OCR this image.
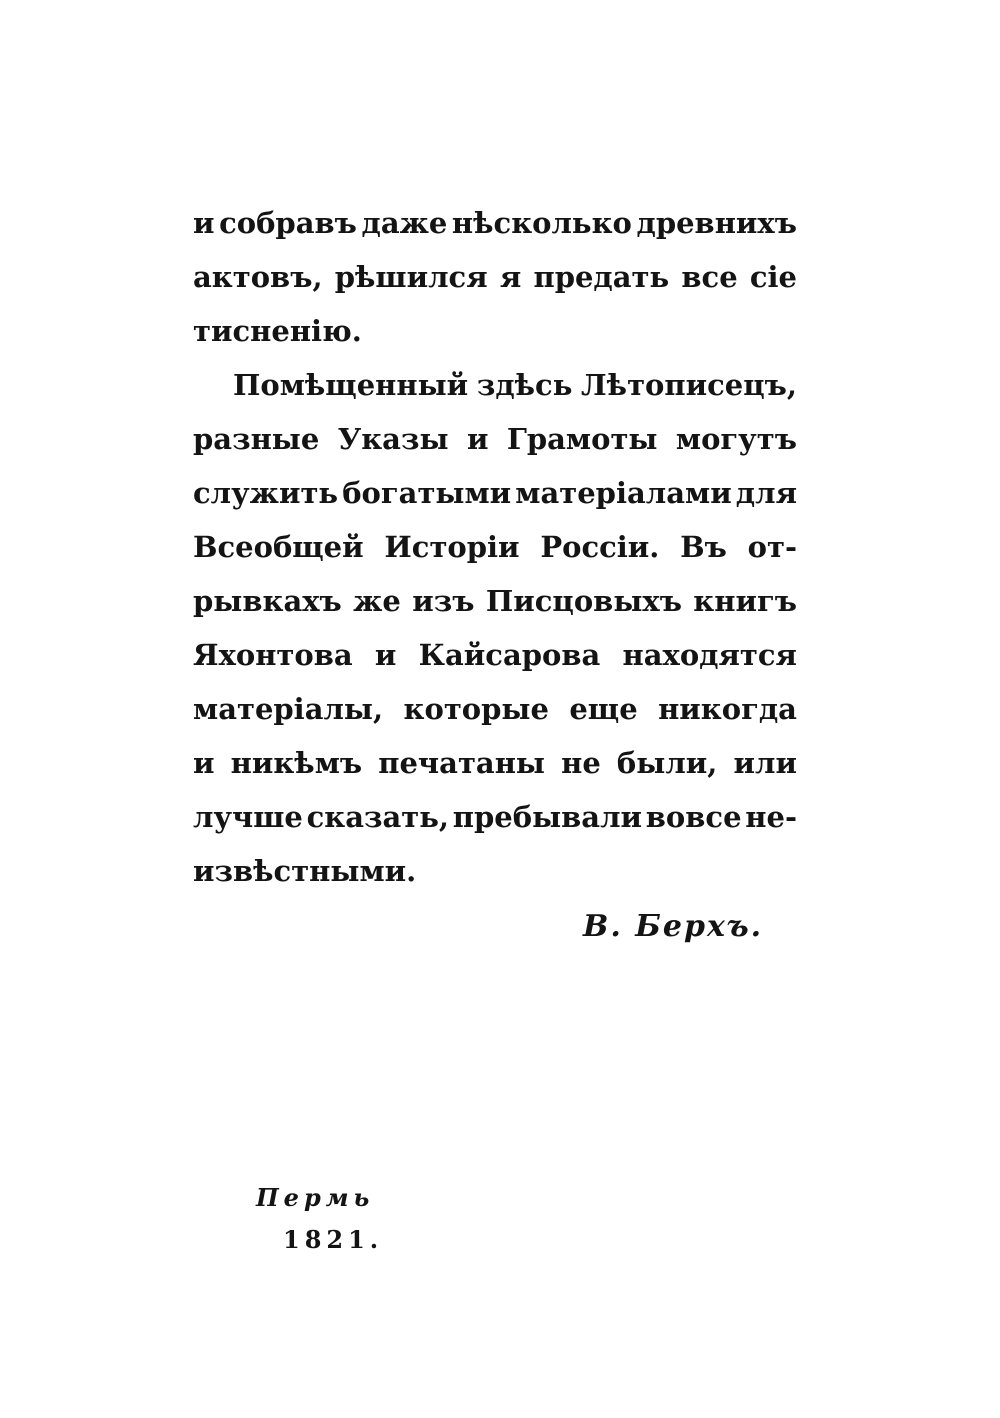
и собравъ даже нѣсколько древнихъ
актовъ, рѣшился я предать все сіе
тисненію.
Помѣщенный здѣсь Лѣтописецъ,
разные Указы и Грамоты могутъ
служить богатыми матеріалами для
Всеобщей Исторіи Россіи. Въ от-
рывкахъ же изъ Писцовыхъ книгъ
Яхонтова и Кайсарова находятся
матеріалы, которые еще никогда
и никѣмъ печатаны не были, или
лучше сказать, пребывали вовсе не-
извѣстными.
В. Берхъ.
Пермь
1821.
